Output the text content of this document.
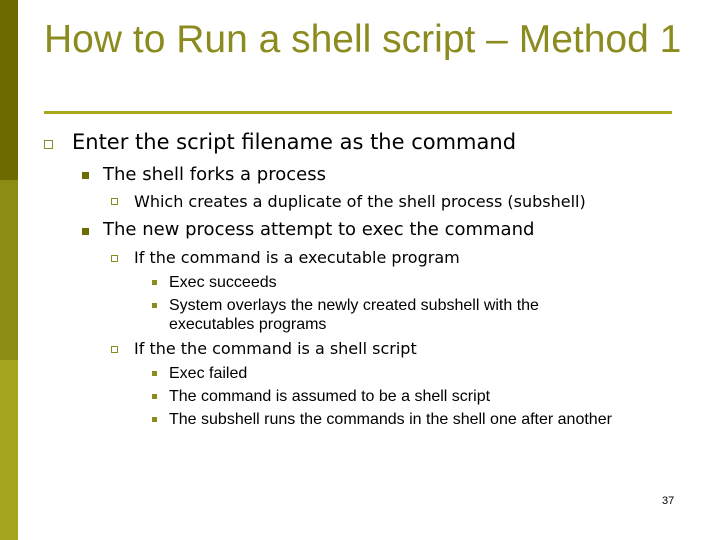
How to Run a shell script – Method 1
Enter the script filename as the command
The shell forks a process
Which creates a duplicate of the shell process (subshell)
The new process attempt to exec the command
If the command is a executable program
Exec succeeds
System overlays the newly created subshell with the
executables programs
If the the command is a shell script
Exec failed
The command is assumed to be a shell script
The subshell runs the commands in the shell one after another
37
